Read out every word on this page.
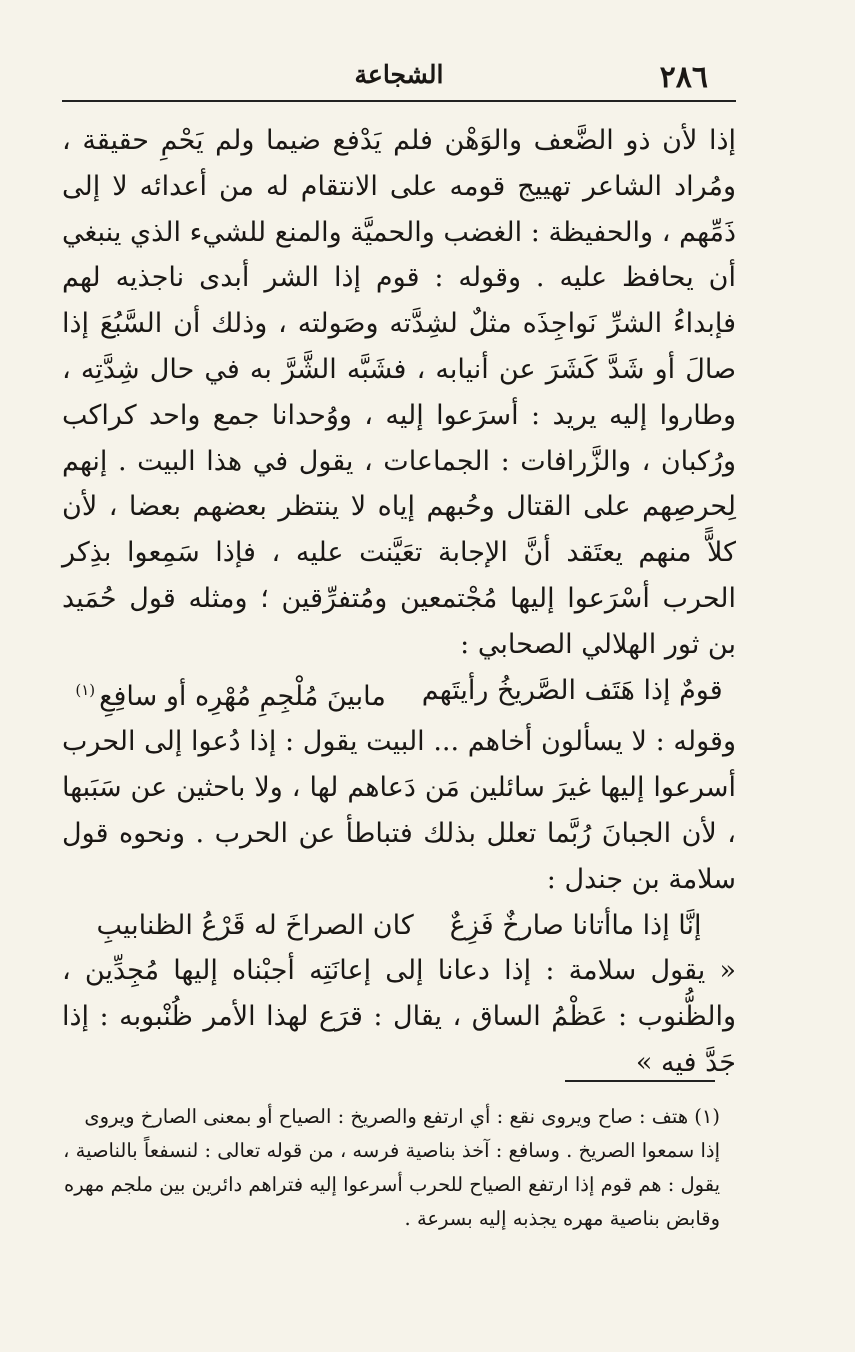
٢٨٦
الشجاعة

إذا لأن ذو الضَّعف والوَهْن فلم يَدْفع ضيما ولم يَحْمِ حقيقة ، ومُراد الشاعر تهييج قومه على الانتقام له من أعدائه لا إلى ذَمِّهم ، والحفيظة : الغضب والحميَّة والمنع للشيء الذي ينبغي أن يحافظ عليه . وقوله : قوم إذا الشر أبدى ناجذيه لهم فإبداءُ الشرِّ نَواجِذَه مثلٌ لشِدَّته وصَولته ، وذلك أن السَّبُعَ إذا صالَ أو شَدَّ كَشَرَ عن أنيابه ، فشَبَّه الشَّرَّ به في حال شِدَّتِه ، وطاروا إليه يريد : أسرَعوا إليه ، ووُحدانا جمع واحد كراكب ورُكبان ، والزَّرافات : الجماعات ، يقول في هذا البيت . إنهم لِحرصِهم على القتال وحُبهم إياه لا ينتظر بعضهم بعضا ، لأن كلاًّ منهم يعتَقد أنَّ الإجابة تعَيَّنت عليه ، فإذا سَمِعوا بذِكر الحرب أسْرَعوا إليها مُجْتمعين ومُتفرِّقين ؛ ومثله قول حُمَيد بن ثور الهلالي الصحابي :

قومٌ إذا هَتَف الصَّريخُ رأيتَهم
مابينَ مُلْجِمِ مُهْرِه أو سافِعِ$^{(١)}$

وقوله : لا يسألون أخاهم ... البيت يقول : إذا دُعوا إلى الحرب أسرعوا إليها غيرَ سائلين مَن دَعاهم لها ، ولا باحثين عن سَبَبها ، لأن الجبانَ رُبَّما تعلل بذلك فتباطأ عن الحرب . ونحوه قول سلامة بن جندل :

إنَّا إذا ماأتانا صارخٌ فَزِعٌ
كان الصراخَ له قَرْعُ الظنابيبِ

« يقول سلامة : إذا دعانا إلى إعانَتِه أجبْناه إليها مُجِدِّين ، والظُّنوب : عَظْمُ الساق ، يقال : قرَع لهذا الأمر ظُنْبوبه : إذا جَدَّ فيه »

(١) هتف : صاح ويروى نقع : أي ارتفع والصريخ : الصياح أو بمعنى الصارخ ويروى
إذا سمعوا الصريخ . وسافع : آخذ بناصية فرسه ، من قوله تعالى : لنسفعاً بالناصية ،
يقول : هم قوم إذا ارتفع الصياح للحرب أسرعوا إليه فتراهم دائرين بين ملجم مهره
وقابض بناصية مهره يجذبه إليه بسرعة .
